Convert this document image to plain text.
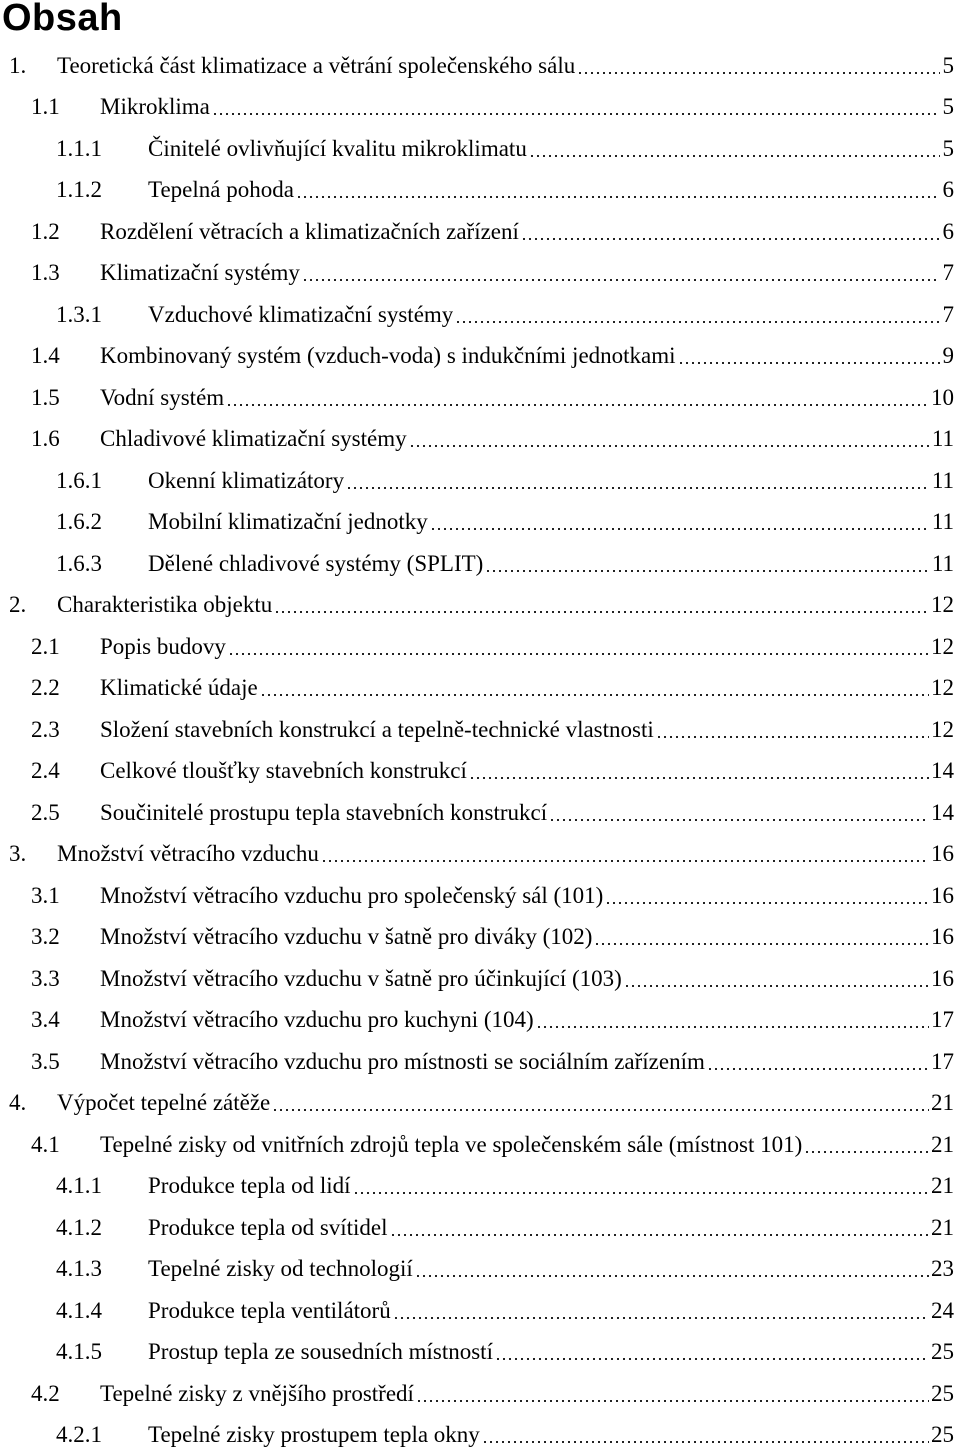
Obsah
1.	Teoretická část klimatizace a větrání společenského sálu	5
1.1	Mikroklima	5
1.1.1	Činitelé ovlivňující kvalitu mikroklimatu	5
1.1.2	Tepelná pohoda	6
1.2	Rozdělení větracích a klimatizačních zařízení	6
1.3	Klimatizační systémy	7
1.3.1	Vzduchové klimatizační systémy	7
1.4	Kombinovaný systém (vzduch-voda) s indukčními jednotkami	9
1.5	Vodní systém	10
1.6	Chladivové klimatizační systémy	11
1.6.1	Okenní klimatizátory	11
1.6.2	Mobilní klimatizační jednotky	11
1.6.3	Dělené chladivové systémy (SPLIT)	11
2.	Charakteristika objektu	12
2.1	Popis budovy	12
2.2	Klimatické údaje	12
2.3	Složení stavebních konstrukcí a tepelně-technické vlastnosti	12
2.4	Celkové tloušťky stavebních konstrukcí	14
2.5	Součinitelé prostupu tepla stavebních konstrukcí	14
3.	Množství větracího vzduchu	16
3.1	Množství větracího vzduchu pro společenský sál (101)	16
3.2	Množství větracího vzduchu v šatně pro diváky (102)	16
3.3	Množství větracího vzduchu v šatně pro účinkující (103)	16
3.4	Množství větracího vzduchu pro kuchyni (104)	17
3.5	Množství větracího vzduchu pro místnosti se sociálním zařízením	17
4.	Výpočet tepelné zátěže	21
4.1	Tepelné zisky od vnitřních zdrojů tepla ve společenském sále (místnost 101)	21
4.1.1	Produkce tepla od lidí	21
4.1.2	Produkce tepla od svítidel	21
4.1.3	Tepelné zisky od technologií	23
4.1.4	Produkce tepla ventilátorů	24
4.1.5	Prostup tepla ze sousedních místností	25
4.2	Tepelné zisky z vnějšího prostředí	25
4.2.1	Tepelné zisky prostupem tepla okny	25
